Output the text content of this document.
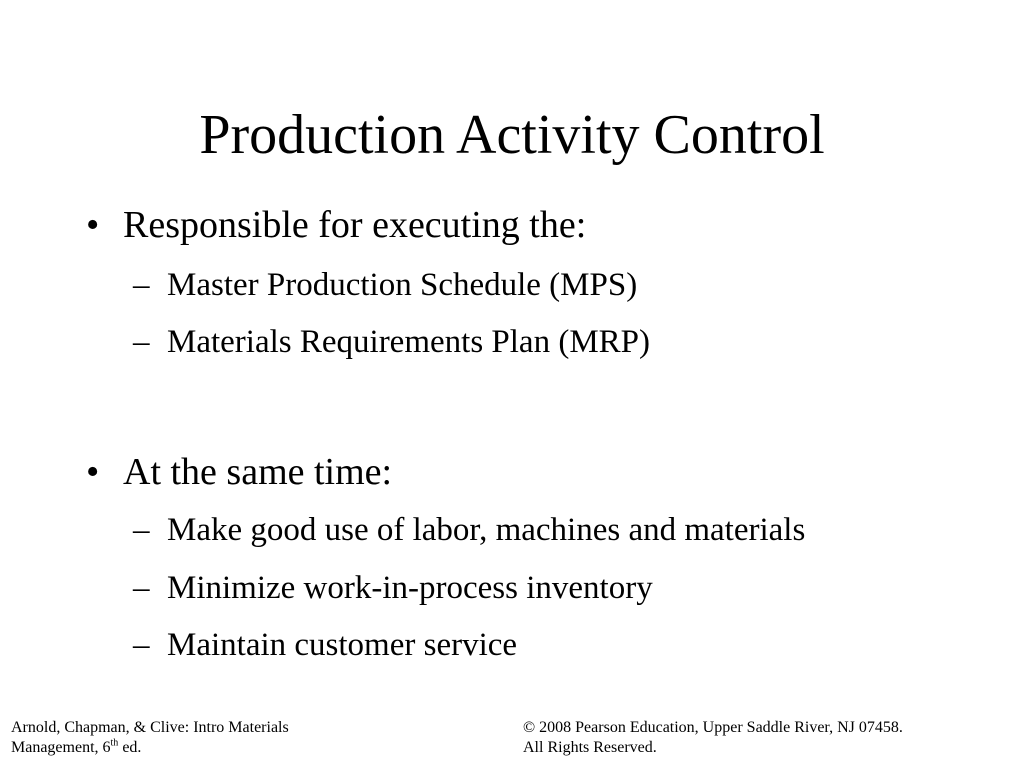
Production Activity Control
• Responsible for executing the:
– Master Production Schedule (MPS)
– Materials Requirements Plan (MRP)
• At the same time:
– Make good use of labor, machines and materials
– Minimize work-in-process inventory
– Maintain customer service
Arnold, Chapman, & Clive: Intro Materials
Management, 6th ed.
© 2008 Pearson Education, Upper Saddle River, NJ 07458.
All Rights Reserved.
